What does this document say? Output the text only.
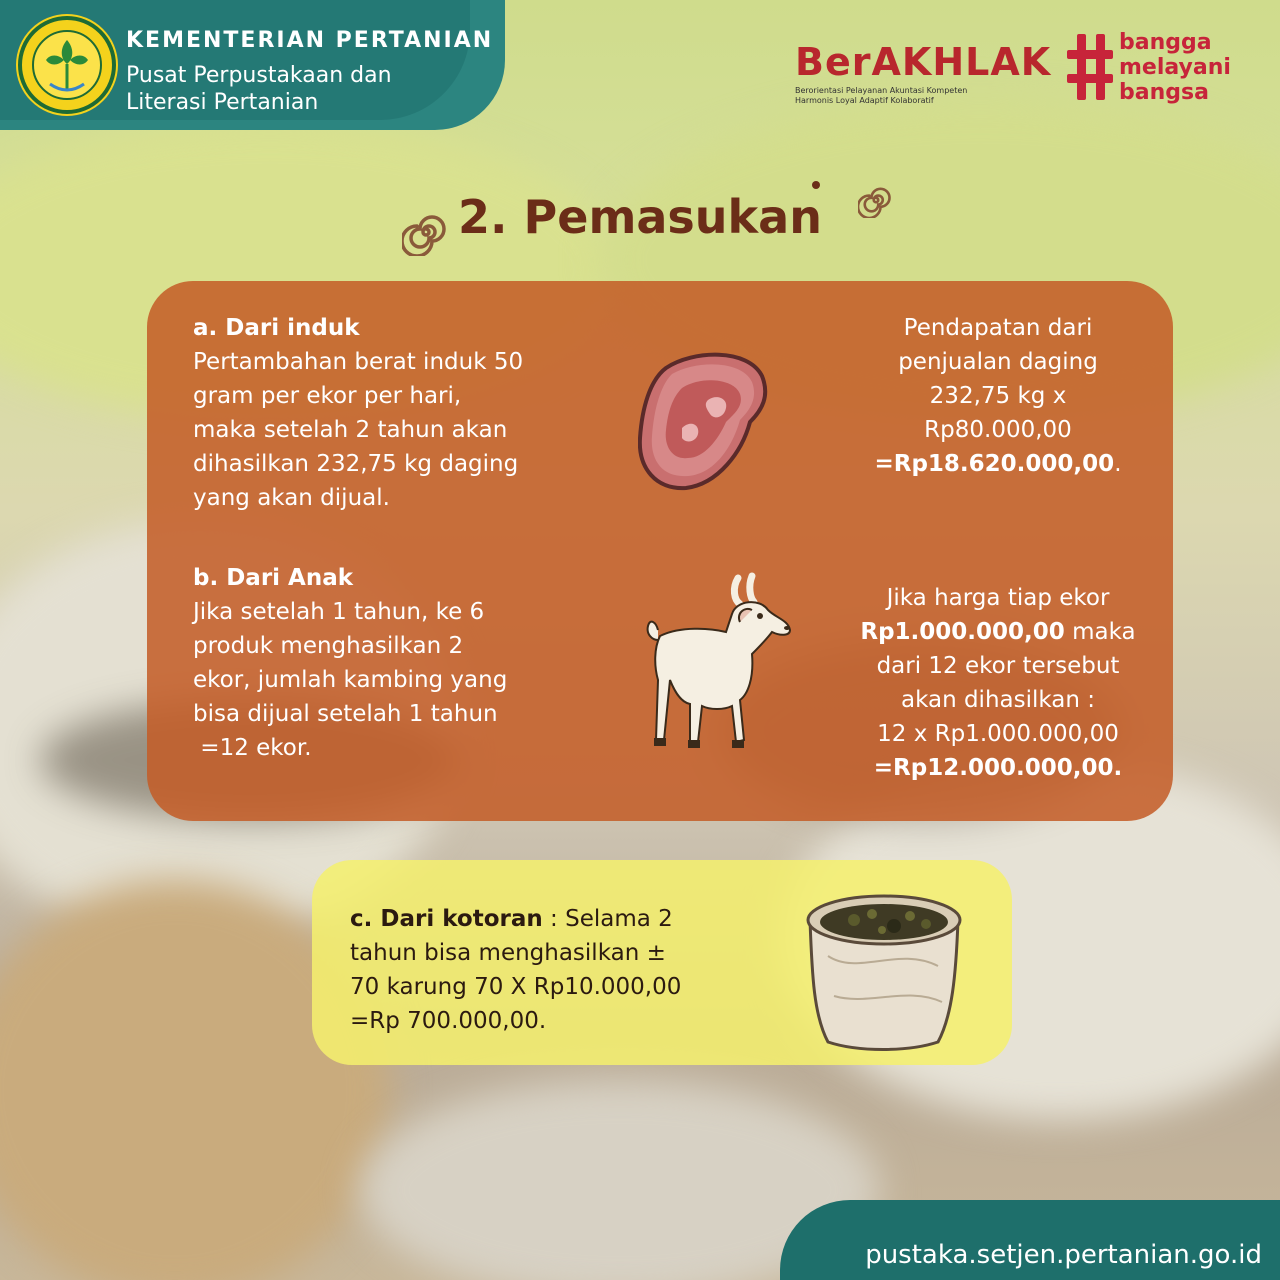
KEMENTERIAN PERTANIAN
Pusat Perpustakaan dan
Literasi Pertanian
BerAKHLAK
Berorientasi Pelayanan Akuntasi Kompeten
Harmonis Loyal Adaptif Kolaboratif
bangga
melayani
bangsa
2. Pemasukan
a. Dari induk
Pertambahan berat induk 50
gram per ekor per hari,
maka setelah 2 tahun akan
dihasilkan 232,75 kg daging
yang akan dijual.
Pendapatan dari
penjualan daging
232,75 kg x
Rp80.000,00
=Rp18.620.000,00.
b. Dari Anak
Jika setelah 1 tahun, ke 6
produk menghasilkan 2
ekor, jumlah kambing yang
bisa dijual setelah 1 tahun
=12 ekor.
Jika harga tiap ekor
Rp1.000.000,00 maka
dari 12 ekor tersebut
akan dihasilkan :
12 x Rp1.000.000,00
=Rp12.000.000,00.
c. Dari kotoran : Selama 2
tahun bisa menghasilkan ±
70 karung 70 X Rp10.000,00
=Rp 700.000,00.
pustaka.setjen.pertanian.go.id
